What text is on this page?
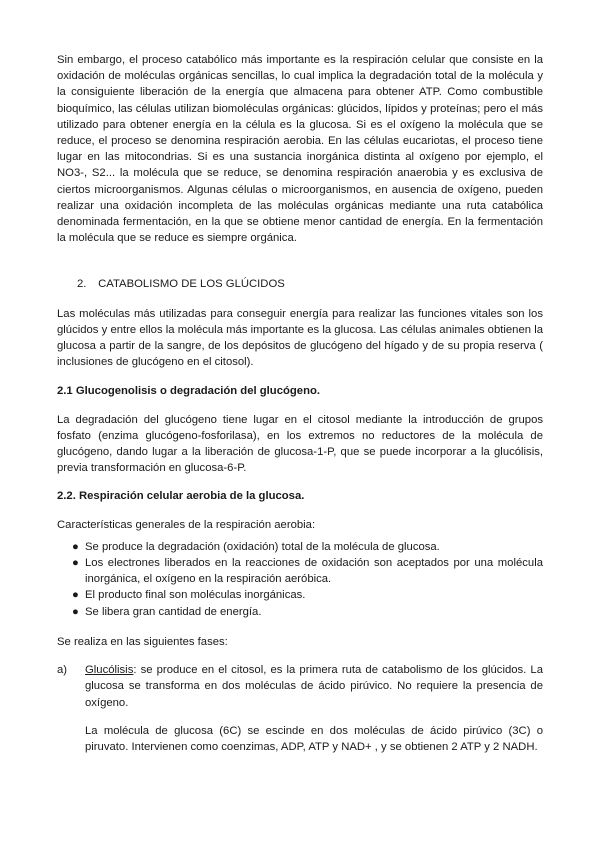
Sin embargo, el proceso catabólico más importante es la respiración celular que consiste en la oxidación de moléculas orgánicas sencillas, lo cual implica la degradación total de la molécula y la consiguiente liberación de la energía que almacena para obtener ATP. Como combustible bioquímico, las células utilizan biomoléculas orgánicas: glúcidos, lípidos y proteínas; pero el más utilizado para obtener energía en la célula es la glucosa. Si es el oxígeno la molécula que se reduce, el proceso se denomina respiración aerobia. En las células eucariotas, el proceso tiene lugar en las mitocondrias. Si es una sustancia inorgánica distinta al oxígeno por ejemplo, el NO3-, S2... la molécula que se reduce, se denomina respiración anaerobia y es exclusiva de ciertos microorganismos. Algunas células o microorganismos, en ausencia de oxígeno, pueden realizar una oxidación incompleta de las moléculas orgánicas mediante una ruta catabólica denominada fermentación, en la que se obtiene menor cantidad de energía. En la fermentación la molécula que se reduce es siempre orgánica.

2. CATABOLISMO DE LOS GLÚCIDOS

Las moléculas más utilizadas para conseguir energía para realizar las funciones vitales son los glúcidos y entre ellos la molécula más importante es la glucosa. Las células animales obtienen la glucosa a partir de la sangre, de los depósitos de glucógeno del hígado y de su propia reserva ( inclusiones de glucógeno en el citosol).

2.1 Glucogenolisis o degradación del glucógeno.

La degradación del glucógeno tiene lugar en el citosol mediante la introducción de grupos fosfato (enzima glucógeno-fosforilasa), en los extremos no reductores de la molécula de glucógeno, dando lugar a la liberación de glucosa-1-P, que se puede incorporar a la glucólisis, previa transformación en glucosa-6-P.

2.2. Respiración celular aerobia de la glucosa.

Características generales de la respiración aerobia:

● Se produce la degradación (oxidación) total de la molécula de glucosa.
● Los electrones liberados en la reacciones de oxidación son aceptados por una molécula inorgánica, el oxígeno en la respiración aeróbica.
● El producto final son moléculas inorgánicas.
● Se libera gran cantidad de energía.

Se realiza en las siguientes fases:

a) Glucólisis: se produce en el citosol, es la primera ruta de catabolismo de los glúcidos. La glucosa se transforma en dos moléculas de ácido pirúvico. No requiere la presencia de oxígeno.

La molécula de glucosa (6C) se escinde en dos moléculas de ácido pirúvico (3C) o piruvato. Intervienen como coenzimas, ADP, ATP y NAD+ , y se obtienen 2 ATP y 2 NADH.
